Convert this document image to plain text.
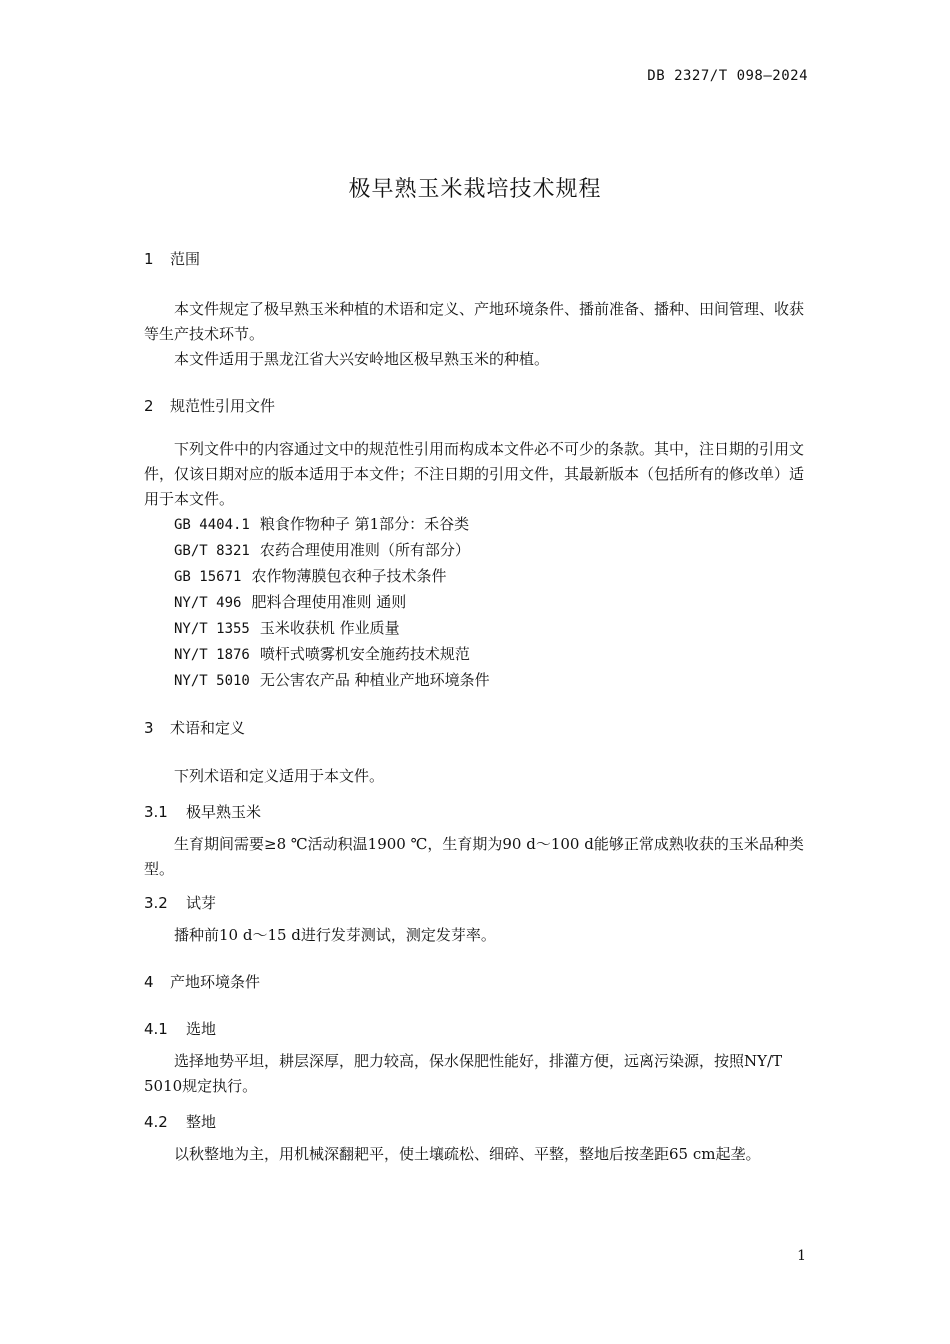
DB 2327/T 098—2024
极早熟玉米栽培技术规程
1 范围

本文件规定了极早熟玉米种植的术语和定义、产地环境条件、播前准备、播种、田间管理、收获等生产技术环节。

本文件适用于黑龙江省大兴安岭地区极早熟玉米的种植。

2 规范性引用文件

下列文件中的内容通过文中的规范性引用而构成本文件必不可少的条款。其中，注日期的引用文件，仅该日期对应的版本适用于本文件；不注日期的引用文件，其最新版本（包括所有的修改单）适用于本文件。

GB 4404.1 粮食作物种子 第1部分：禾谷类
GB/T 8321 农药合理使用准则（所有部分）
GB 15671 农作物薄膜包衣种子技术条件
NY/T 496 肥料合理使用准则 通则
NY/T 1355 玉米收获机 作业质量
NY/T 1876 喷杆式喷雾机安全施药技术规范
NY/T 5010 无公害农产品 种植业产地环境条件
3 术语和定义

下列术语和定义适用于本文件。

3.1 极早熟玉米

生育期间需要≥8 ℃活动积温1900 ℃，生育期为90 d～100 d能够正常成熟收获的玉米品种类型。

3.2 试芽

播种前10 d～15 d进行发芽测试，测定发芽率。

4 产地环境条件
4.1 选地

选择地势平坦，耕层深厚，肥力较高，保水保肥性能好，排灌方便，远离污染源，按照NY/T 5010规定执行。

4.2 整地

以秋整地为主，用机械深翻耙平，使土壤疏松、细碎、平整，整地后按垄距65 cm起垄。

1
